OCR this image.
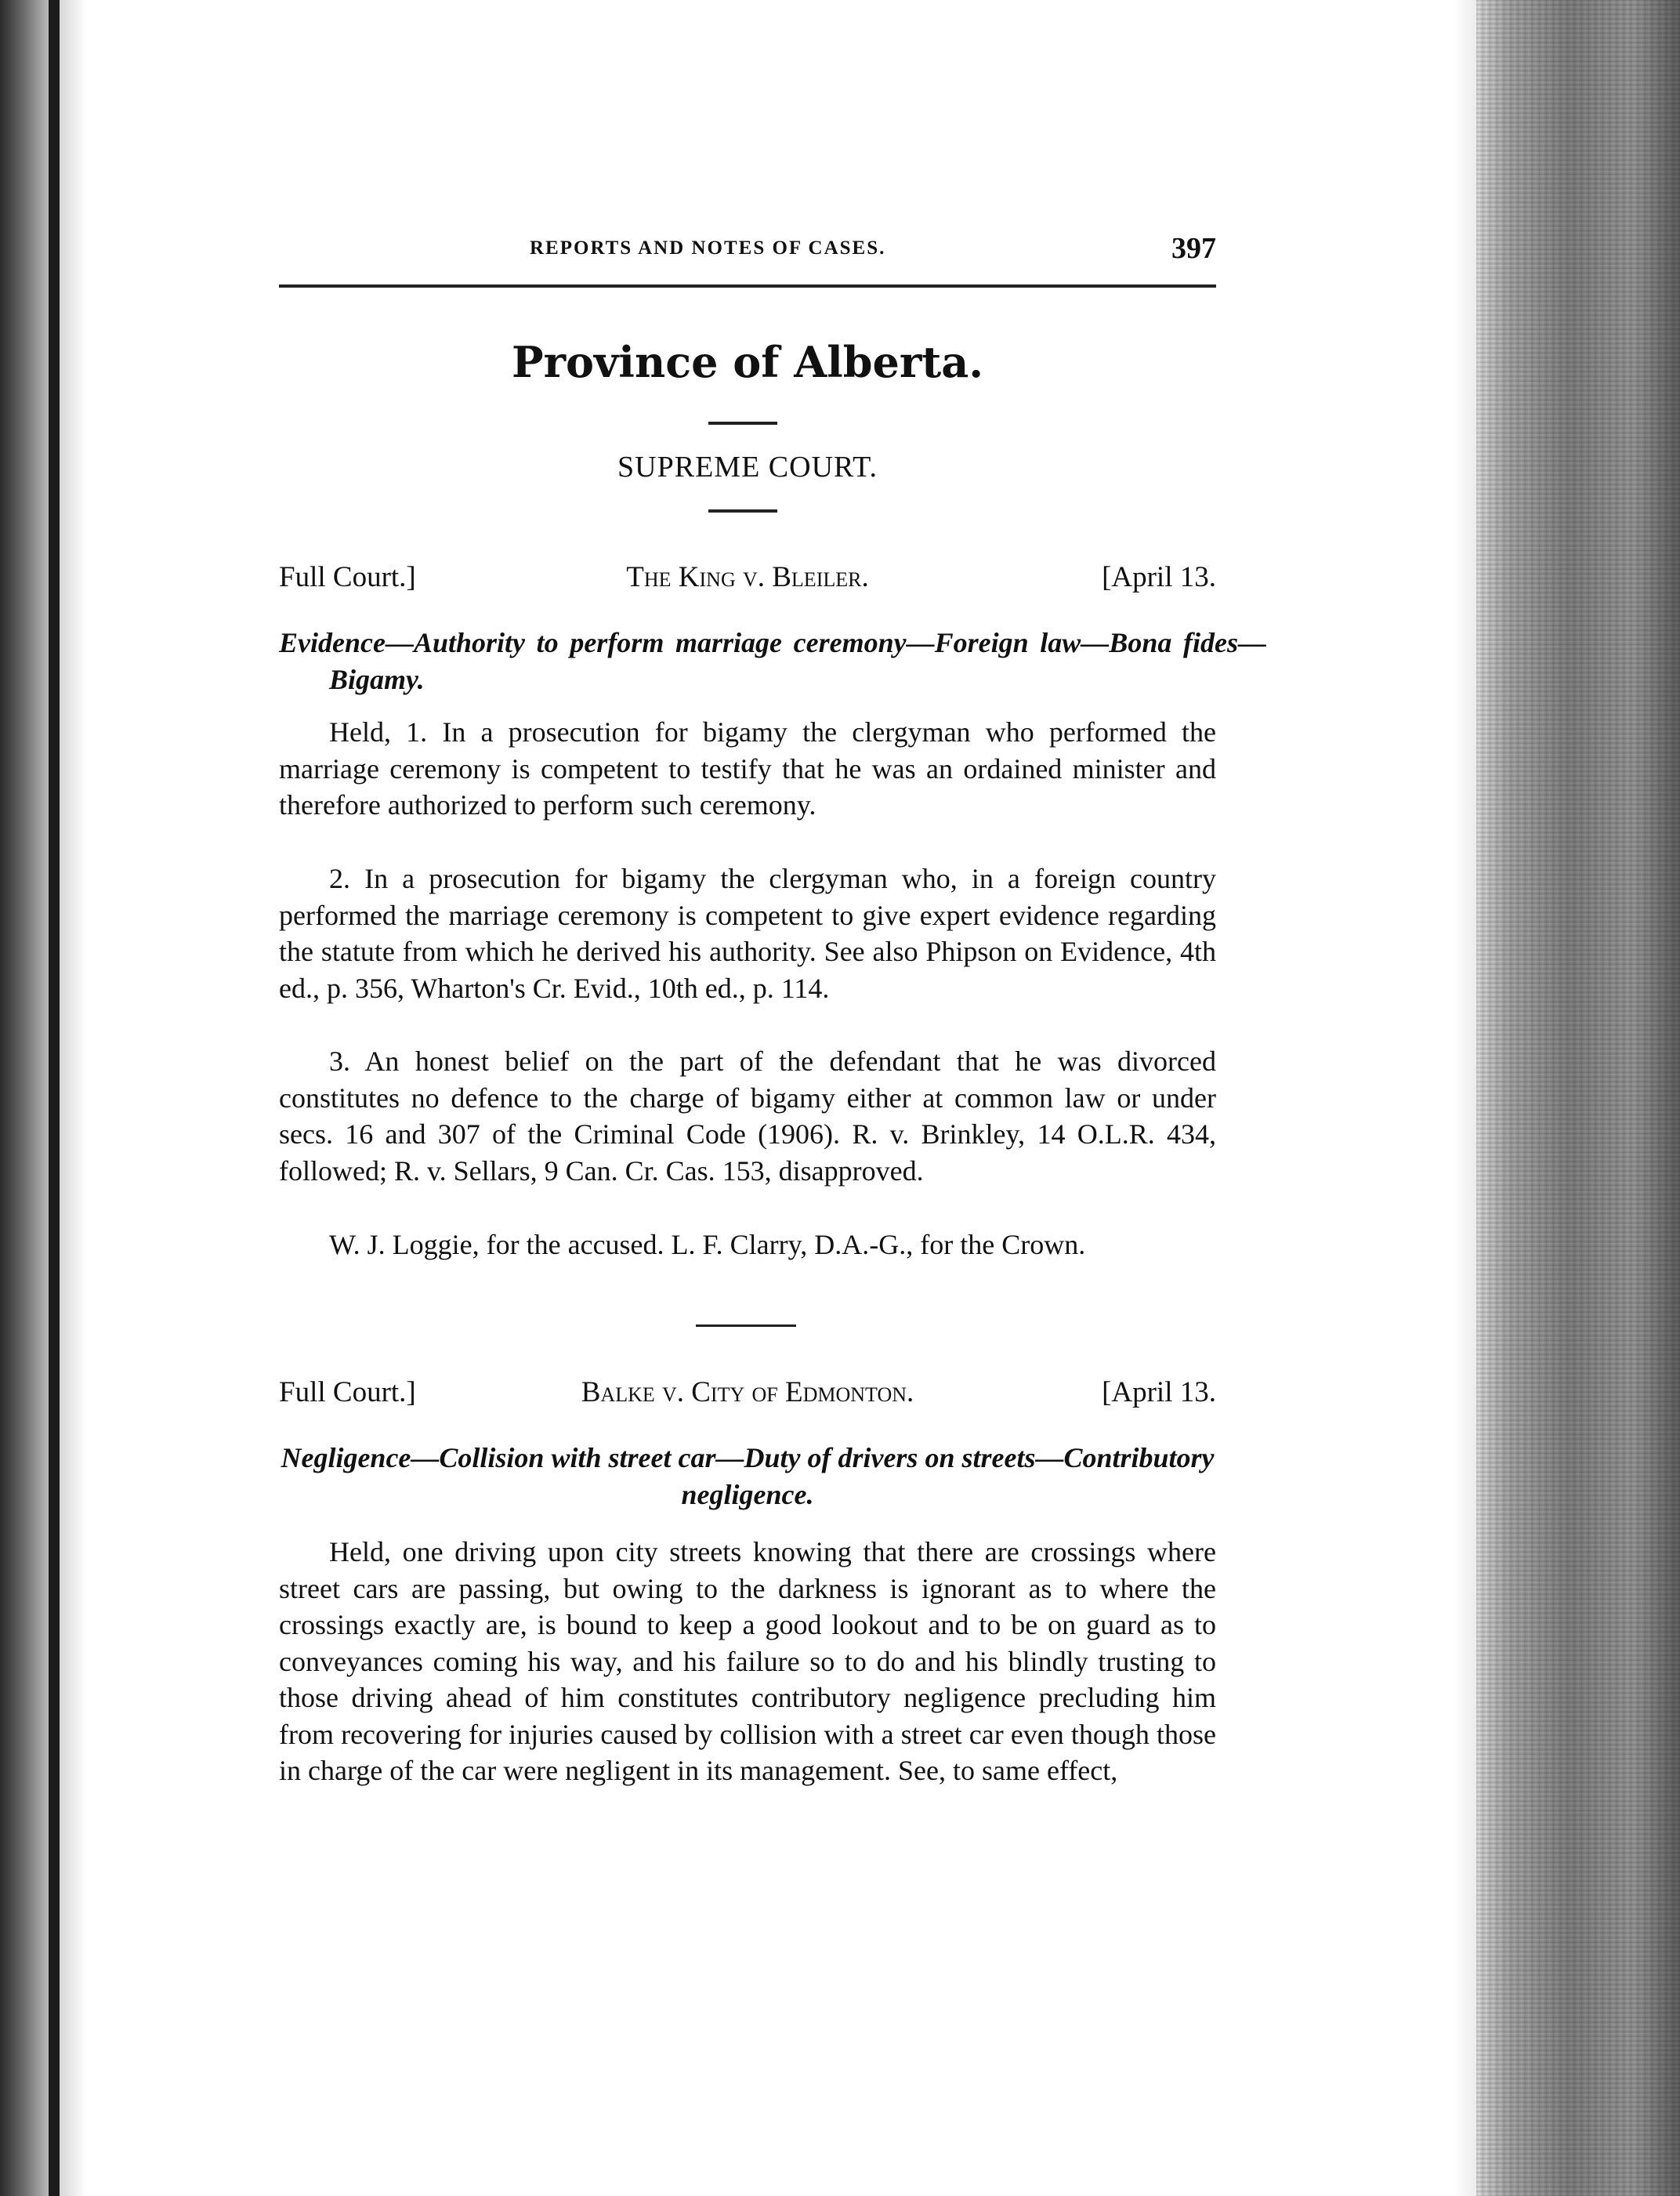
REPORTS AND NOTES OF CASES.	397
Province of Alberta.
SUPREME COURT.
Full Court.]	The King v. Bleiler.	[April 13.

Evidence—Authority to perform marriage ceremony—Foreign law—Bona fides—Bigamy.

Held, 1. In a prosecution for bigamy the clergyman who performed the marriage ceremony is competent to testify that he was an ordained minister and therefore authorized to perform such ceremony.

2. In a prosecution for bigamy the clergyman who, in a foreign country performed the marriage ceremony is competent to give expert evidence regarding the statute from which he derived his authority. See also Phipson on Evidence, 4th ed., p. 356, Wharton's Cr. Evid., 10th ed., p. 114.

3. An honest belief on the part of the defendant that he was divorced constitutes no defence to the charge of bigamy either at common law or under secs. 16 and 307 of the Criminal Code (1906). R. v. Brinkley, 14 O.L.R. 434, followed; R. v. Sellars, 9 Can. Cr. Cas. 153, disapproved.

W. J. Loggie, for the accused. L. F. Clarry, D.A.-G., for the Crown.

Full Court.]	Balke v. City of Edmonton.	[April 13.

Negligence—Collision with street car—Duty of drivers on streets—Contributory negligence.

Held, one driving upon city streets knowing that there are crossings where street cars are passing, but owing to the darkness is ignorant as to where the crossings exactly are, is bound to keep a good lookout and to be on guard as to conveyances coming his way, and his failure so to do and his blindly trusting to those driving ahead of him constitutes contributory negligence precluding him from recovering for injuries caused by collision with a street car even though those in charge of the car were negligent in its management. See, to same effect,
